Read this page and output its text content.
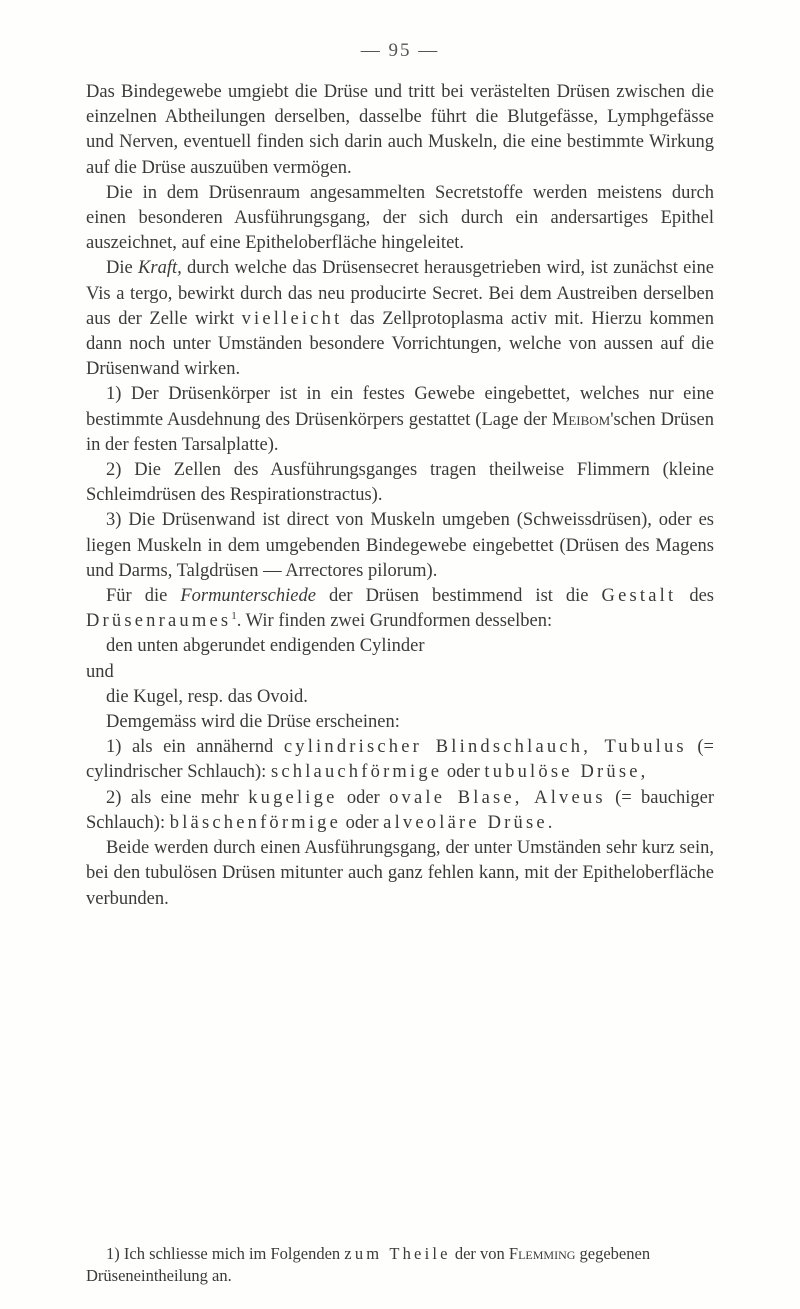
— 95 —

Das Bindegewebe umgiebt die Drüse und tritt bei verästelten Drüsen zwischen die einzelnen Abtheilungen derselben, dasselbe führt die Blutgefässe, Lymphgefässe und Nerven, eventuell finden sich darin auch Muskeln, die eine bestimmte Wirkung auf die Drüse auszuüben vermögen.

Die in dem Drüsenraum angesammelten Secretstoffe werden meistens durch einen besonderen Ausführungsgang, der sich durch ein andersartiges Epithel auszeichnet, auf eine Epitheloberfläche hingeleitet.

Die Kraft, durch welche das Drüsensecret herausgetrieben wird, ist zunächst eine Vis a tergo, bewirkt durch das neu producirte Secret. Bei dem Austreiben derselben aus der Zelle wirkt vielleicht das Zellprotoplasma activ mit. Hierzu kommen dann noch unter Umständen besondere Vorrichtungen, welche von aussen auf die Drüsenwand wirken.

1) Der Drüsenkörper ist in ein festes Gewebe eingebettet, welches nur eine bestimmte Ausdehnung des Drüsenkörpers gestattet (Lage der Meibom'schen Drüsen in der festen Tarsalplatte).

2) Die Zellen des Ausführungsganges tragen theilweise Flimmern (kleine Schleimdrüsen des Respirationstractus).

3) Die Drüsenwand ist direct von Muskeln umgeben (Schweissdrüsen), oder es liegen Muskeln in dem umgebenden Bindegewebe eingebettet (Drüsen des Magens und Darms, Talgdrüsen — Arrectores pilorum).

Für die Formunterschiede der Drüsen bestimmend ist die Gestalt des Drüsenraumes$^1$. Wir finden zwei Grundformen desselben:

den unten abgerundet endigenden Cylinder

und

die Kugel, resp. das Ovoid.

Demgemäss wird die Drüse erscheinen:

1) als ein annähernd cylindrischer Blindschlauch, Tubulus (= cylindrischer Schlauch): schlauchförmige oder tubulöse Drüse,

2) als eine mehr kugelige oder ovale Blase, Alveus (= bauchiger Schlauch): bläschenförmige oder alveoläre Drüse.

Beide werden durch einen Ausführungsgang, der unter Umständen sehr kurz sein, bei den tubulösen Drüsen mitunter auch ganz fehlen kann, mit der Epitheloberfläche verbunden.

1) Ich schliesse mich im Folgenden zum Theile der von Flemming gegebenen Drüseneintheilung an.
